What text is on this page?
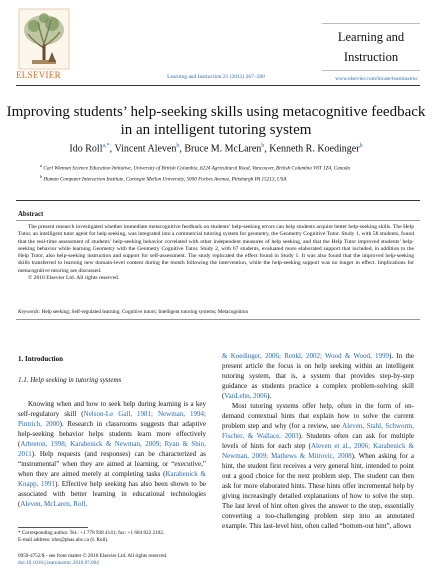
ELSEVIER	Learning and Instruction 21 (2011) 267–280
Learning and
Instruction
www.elsevier.com/locate/learninstruc
Improving students’ help-seeking skills using metacognitive feedback in an intelligent tutoring system
Ido Roll$^{a,*}$, Vincent Aleven$^b$, Bruce M. McLaren$^b$, Kenneth R. Koedinger$^b$
$^a$ Carl Wieman Science Education Initiative, University of British Columbia, 6224 Agricultural Road, Vancouver, British Columbia V6T 1Z4, Canada
$^b$ Human Computer Interaction Institute, Carnegie Mellon University, 5000 Forbes Avenue, Pittsburgh PA 15213, USA
Abstract
The present research investigated whether immediate metacognitive feedback on students’ help-seeking errors can help students acquire better help-seeking skills. The Help Tutor, an intelligent tutor agent for help seeking, was integrated into a commercial tutoring system for geometry, the Geometry Cognitive Tutor. Study 1, with 58 students, found that the real-time assessment of students’ help-seeking behavior correlated with other independent measures of help seeking, and that the Help Tutor improved students’ help-seeking behavior while learning Geometry with the Geometry Cognitive Tutor. Study 2, with 67 students, evaluated more elaborated support that included, in addition to the Help Tutor, also help-seeking instruction and support for self-assessment. The study replicated the effect found in Study 1. It was also found that the improved help-seeking skills transferred to learning new domain-level content during the month following the intervention, while the help-seeking support was no longer in effect. Implications for metacognitive tutoring are discussed.
© 2010 Elsevier Ltd. All rights reserved.
Keywords: Help seeking; Self-regulated learning; Cognitive tutors; Intelligent tutoring systems; Metacognition
1. Introduction
1.1. Help seeking in tutoring systems
Knowing when and how to seek help during learning is a key self-regulatory skill (Nelson-Le Gall, 1981; Newman, 1994; Pintrich, 2000). Research in classrooms suggests that adaptive help-seeking behavior helps students learn more effectively (Arbreton, 1998; Karabenick & Newman, 2009; Ryan & Shin, 2011). Help requests (and responses) can be characterized as “instrumental” when they are aimed at learning, or “executive,” when they are aimed merely at completing tasks (Karabenick & Knapp, 1991). Effective help seeking has also been shown to be associated with better learning in educational technologies (Aleven, McLaren, Roll,

& Koedinger, 2006; Renkl, 2002; Wood & Wood, 1999). In the present article the focus is on help seeking within an intelligent tutoring system, that is, a system that provides step-by-step guidance as students practice a complex problem-solving skill (VanLehn, 2006).

Most tutoring systems offer help, often in the form of on-demand contextual hints that explain how to solve the current problem step and why (for a review, see Aleven, Stahl, Schworm, Fischer, & Wallace, 2003). Students often can ask for multiple levels of hints for each step (Aleven et al., 2006; Karabenick & Newman, 2009; Mathews & Mitrovic, 2008). When asking for a hint, the student first receives a very general hint, intended to point out a good choice for the next problem step. The student can then ask for more elaborated hints. These hints offer incremental help by giving increasingly detailed explanations of how to solve the step. The last level of hint often gives the answer to the step, essentially converting a too-challenging problem step into an annotated example. This last-level hint, often called “bottom-out hint”, allows

* Corresponding author. Tel.: +1 778 938 4141; fax: +1 604 822 2102.
E-mail address: idor@phas.ubc.ca (I. Roll).
0959-4752/$ - see front matter © 2010 Elsevier Ltd. All rights reserved.
doi:10.1016/j.learninstruc.2010.07.004
